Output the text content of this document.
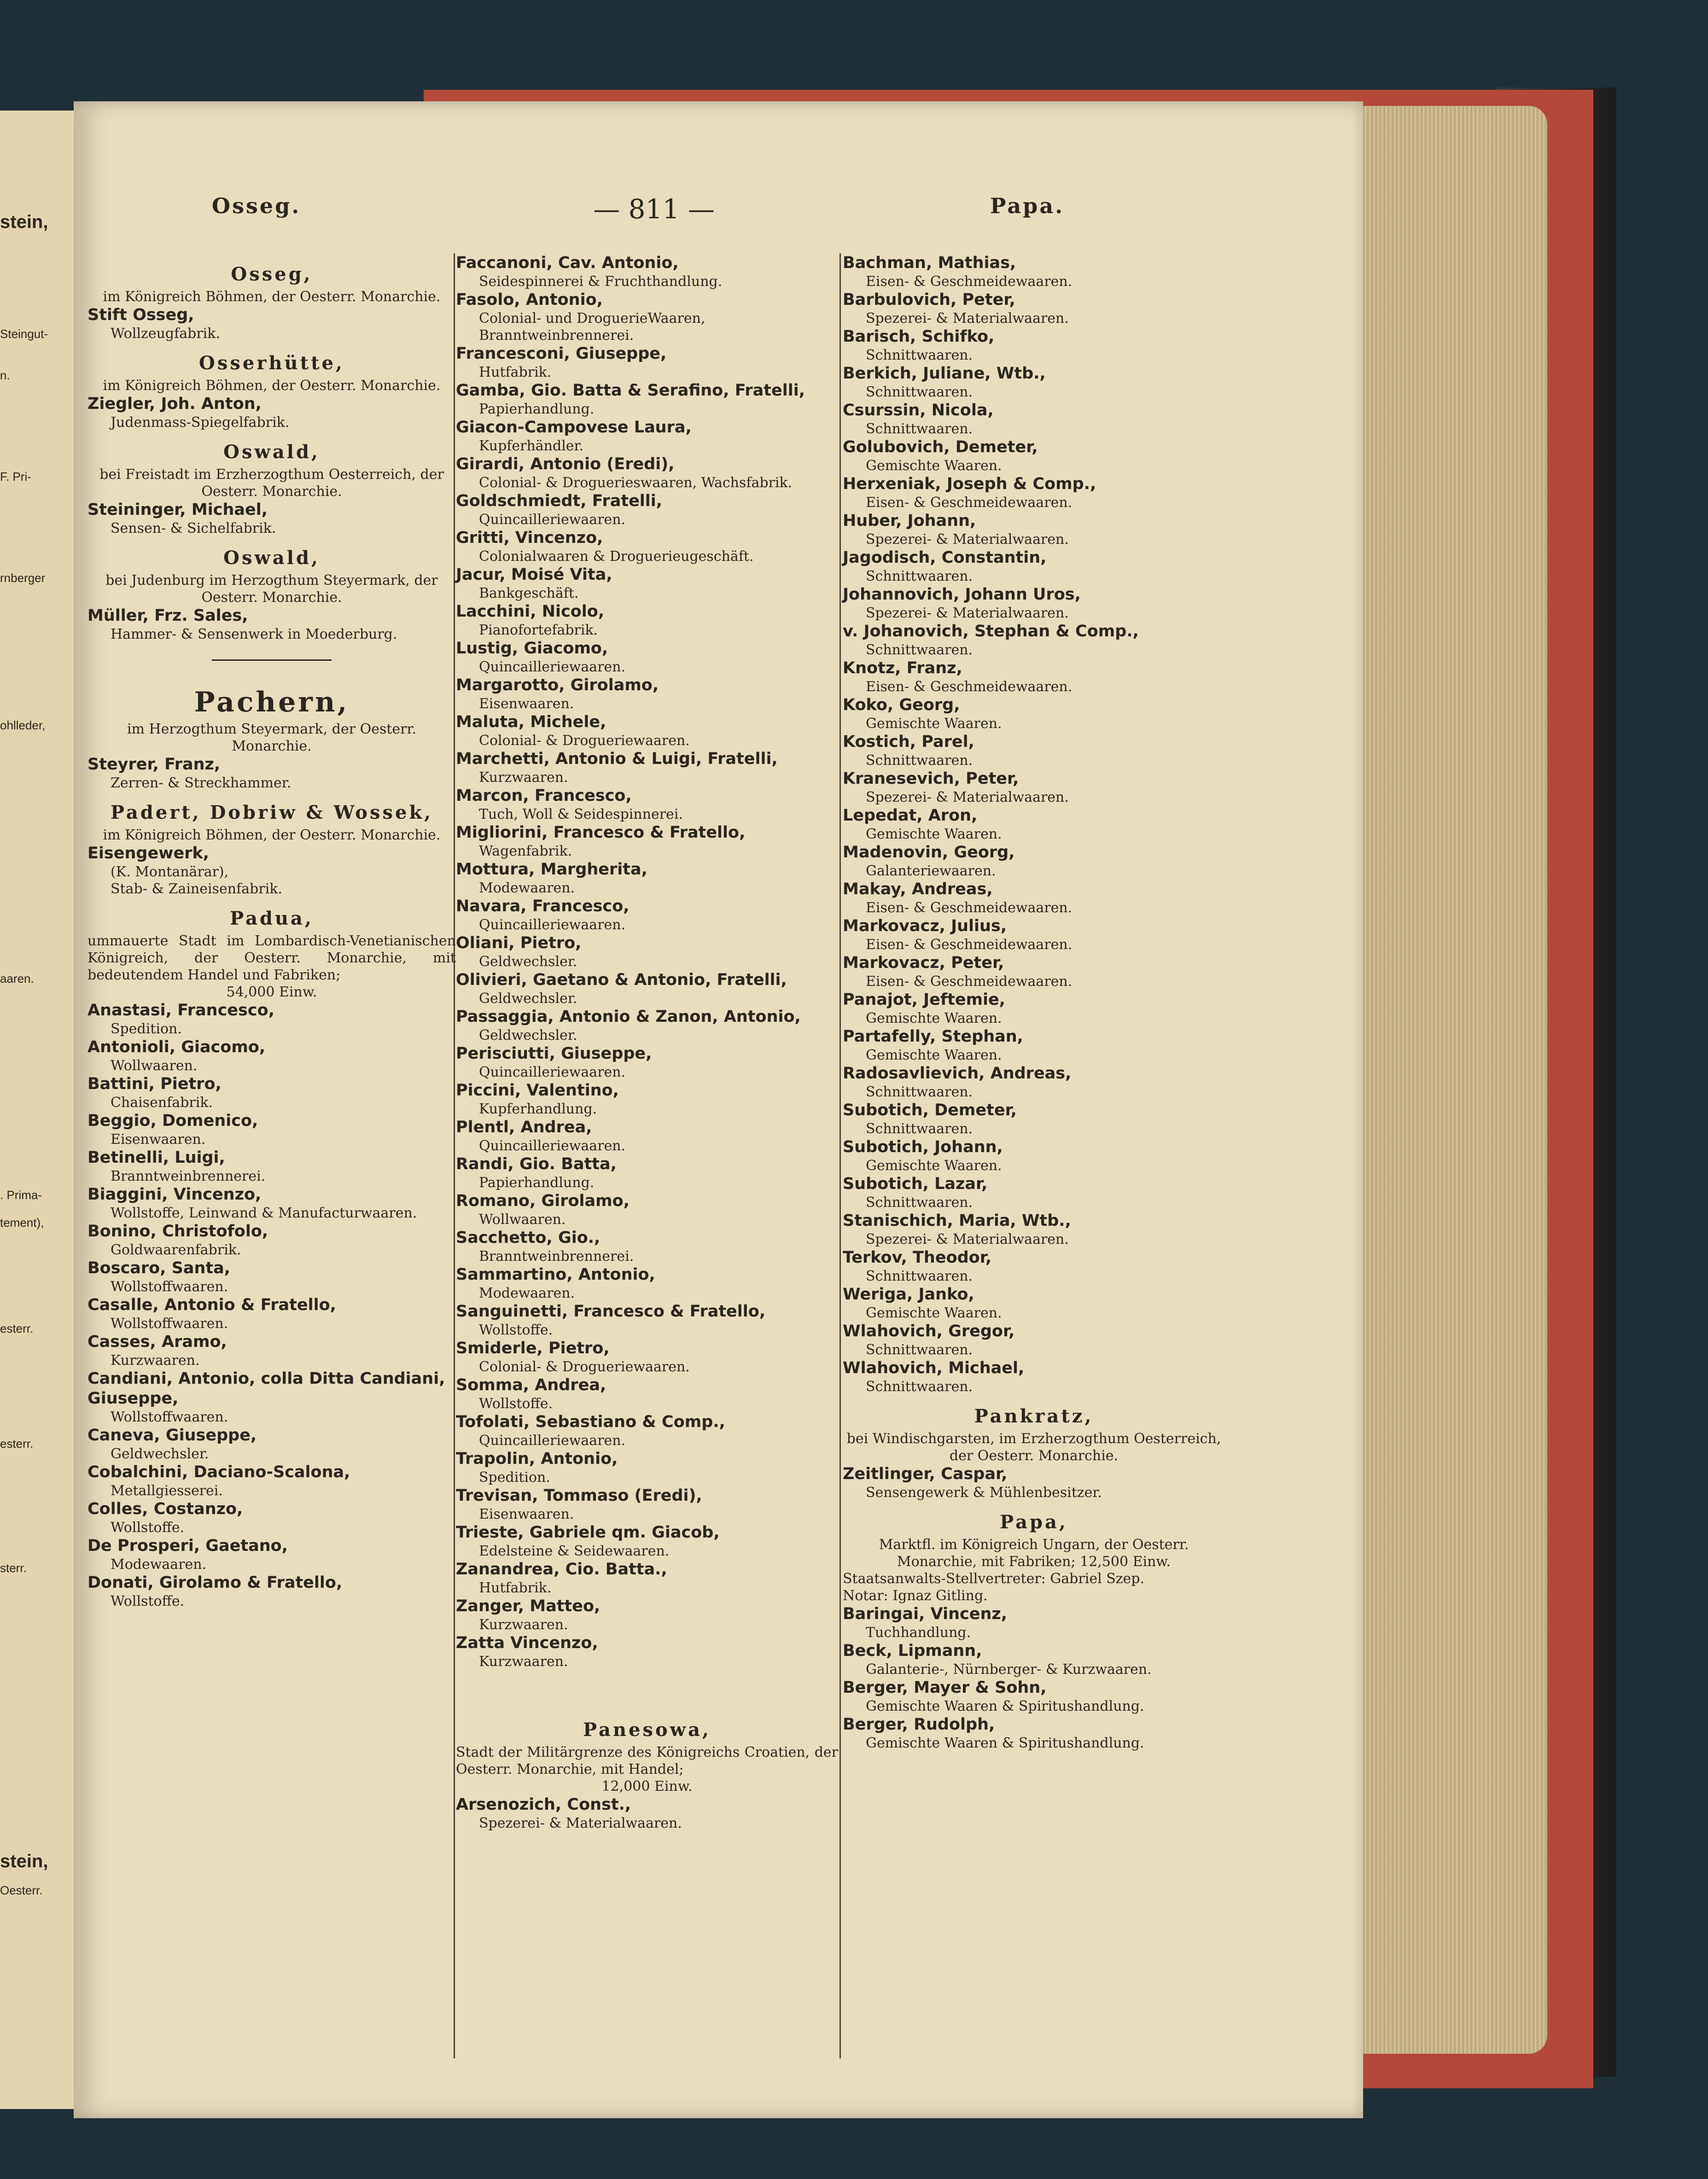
stein,
Steingut-
n.
F. Pri-
rnberger
ohlleder,
aaren.
. Prima-
tement),
esterr.
esterr.
sterr.
stein,
Oesterr.
Osseg.	— 811 —	Papa.
Osseg,
im Königreich Böhmen, der Oesterr. Monarchie.
Stift Osseg,
Wollzeugfabrik.
Osserhütte,
im Königreich Böhmen, der Oesterr. Monarchie.
Ziegler, Joh. Anton,
Judenmass-Spiegelfabrik.
Oswald,
bei Freistadt im Erzherzogthum Oesterreich, der Oesterr. Monarchie.
Steininger, Michael,
Sensen- & Sichelfabrik.
Oswald,
bei Judenburg im Herzogthum Steyermark, der Oesterr. Monarchie.
Müller, Frz. Sales,
Hammer- & Sensenwerk in Moederburg.
Pachern,
im Herzogthum Steyermark, der Oesterr. Monarchie.
Steyrer, Franz,
Zerren- & Streckhammer.
Padert, Dobriw & Wossek,
im Königreich Böhmen, der Oesterr. Monarchie.
Eisengewerk,
(K. Montanärar),
Stab- & Zaineisenfabrik.
Padua,
ummauerte Stadt im Lombardisch-Venetianischen Königreich, der Oesterr. Monarchie, mit bedeutendem Handel und Fabriken;
54,000 Einw.
Anastasi, Francesco,
Spedition.
Antonioli, Giacomo,
Wollwaaren.
Battini, Pietro,
Chaisenfabrik.
Beggio, Domenico,
Eisenwaaren.
Betinelli, Luigi,
Branntweinbrennerei.
Biaggini, Vincenzo,
Wollstoffe, Leinwand & Manufacturwaaren.
Bonino, Christofolo,
Goldwaarenfabrik.
Boscaro, Santa,
Wollstoffwaaren.
Casalle, Antonio & Fratello,
Wollstoffwaaren.
Casses, Aramo,
Kurzwaaren.
Candiani, Antonio, colla Ditta Candiani, Giuseppe,
Wollstoffwaaren.
Caneva, Giuseppe,
Geldwechsler.
Cobalchini, Daciano-Scalona,
Metallgiesserei.
Colles, Costanzo,
Wollstoffe.
De Prosperi, Gaetano,
Modewaaren.
Donati, Girolamo & Fratello,
Wollstoffe.
Faccanoni, Cav. Antonio,
Seidespinnerei & Fruchthandlung.
Fasolo, Antonio,
Colonial- und DroguerieWaaren, Branntweinbrennerei.
Francesconi, Giuseppe,
Hutfabrik.
Gamba, Gio. Batta & Serafino, Fratelli,
Papierhandlung.
Giacon-Campovese Laura,
Kupferhändler.
Girardi, Antonio (Eredi),
Colonial- & Droguerieswaaren, Wachsfabrik.
Goldschmiedt, Fratelli,
Quincailleriewaaren.
Gritti, Vincenzo,
Colonialwaaren & Droguerieugeschäft.
Jacur, Moisé Vita,
Bankgeschäft.
Lacchini, Nicolo,
Pianofortefabrik.
Lustig, Giacomo,
Quincailleriewaaren.
Margarotto, Girolamo,
Eisenwaaren.
Maluta, Michele,
Colonial- & Drogueriewaaren.
Marchetti, Antonio & Luigi, Fratelli,
Kurzwaaren.
Marcon, Francesco,
Tuch, Woll & Seidespinnerei.
Migliorini, Francesco & Fratello,
Wagenfabrik.
Mottura, Margherita,
Modewaaren.
Navara, Francesco,
Quincailleriewaaren.
Oliani, Pietro,
Geldwechsler.
Olivieri, Gaetano & Antonio, Fratelli,
Geldwechsler.
Passaggia, Antonio & Zanon, Antonio,
Geldwechsler.
Perisciutti, Giuseppe,
Quincailleriewaaren.
Piccini, Valentino,
Kupferhandlung.
Plentl, Andrea,
Quincailleriewaaren.
Randi, Gio. Batta,
Papierhandlung.
Romano, Girolamo,
Wollwaaren.
Sacchetto, Gio.,
Branntweinbrennerei.
Sammartino, Antonio,
Modewaaren.
Sanguinetti, Francesco & Fratello,
Wollstoffe.
Smiderle, Pietro,
Colonial- & Drogueriewaaren.
Somma, Andrea,
Wollstoffe.
Tofolati, Sebastiano & Comp.,
Quincailleriewaaren.
Trapolin, Antonio,
Spedition.
Trevisan, Tommaso (Eredi),
Eisenwaaren.
Trieste, Gabriele qm. Giacob,
Edelsteine & Seidewaaren.
Zanandrea, Cio. Batta.,
Hutfabrik.
Zanger, Matteo,
Kurzwaaren.
Zatta Vincenzo,
Kurzwaaren.
Panesowa,
Stadt der Militärgrenze des Königreichs Croatien, der Oesterr. Monarchie, mit Handel;
12,000 Einw.
Arsenozich, Const.,
Spezerei- & Materialwaaren.
Bachman, Mathias,
Eisen- & Geschmeidewaaren.
Barbulovich, Peter,
Spezerei- & Materialwaaren.
Barisch, Schifko,
Schnittwaaren.
Berkich, Juliane, Wtb.,
Schnittwaaren.
Csurssin, Nicola,
Schnittwaaren.
Golubovich, Demeter,
Gemischte Waaren.
Herxeniak, Joseph & Comp.,
Eisen- & Geschmeidewaaren.
Huber, Johann,
Spezerei- & Materialwaaren.
Jagodisch, Constantin,
Schnittwaaren.
Johannovich, Johann Uros,
Spezerei- & Materialwaaren.
v. Johanovich, Stephan & Comp.,
Schnittwaaren.
Knotz, Franz,
Eisen- & Geschmeidewaaren.
Koko, Georg,
Gemischte Waaren.
Kostich, Parel,
Schnittwaaren.
Kranesevich, Peter,
Spezerei- & Materialwaaren.
Lepedat, Aron,
Gemischte Waaren.
Madenovin, Georg,
Galanteriewaaren.
Makay, Andreas,
Eisen- & Geschmeidewaaren.
Markovacz, Julius,
Eisen- & Geschmeidewaaren.
Markovacz, Peter,
Eisen- & Geschmeidewaaren.
Panajot, Jeftemie,
Gemischte Waaren.
Partafelly, Stephan,
Gemischte Waaren.
Radosavlievich, Andreas,
Schnittwaaren.
Subotich, Demeter,
Schnittwaaren.
Subotich, Johann,
Gemischte Waaren.
Subotich, Lazar,
Schnittwaaren.
Stanischich, Maria, Wtb.,
Spezerei- & Materialwaaren.
Terkov, Theodor,
Schnittwaaren.
Weriga, Janko,
Gemischte Waaren.
Wlahovich, Gregor,
Schnittwaaren.
Wlahovich, Michael,
Schnittwaaren.
Pankratz,
bei Windischgarsten, im Erzherzogthum Oesterreich, der Oesterr. Monarchie.
Zeitlinger, Caspar,
Sensengewerk & Mühlenbesitzer.
Papa,
Marktfl. im Königreich Ungarn, der Oesterr. Monarchie, mit Fabriken; 12,500 Einw.
Staatsanwalts-Stellvertreter: Gabriel Szep.
Notar: Ignaz Gitling.
Baringai, Vincenz,
Tuchhandlung.
Beck, Lipmann,
Galanterie-, Nürnberger- & Kurzwaaren.
Berger, Mayer & Sohn,
Gemischte Waaren & Spiritushandlung.
Berger, Rudolph,
Gemischte Waaren & Spiritushandlung.
